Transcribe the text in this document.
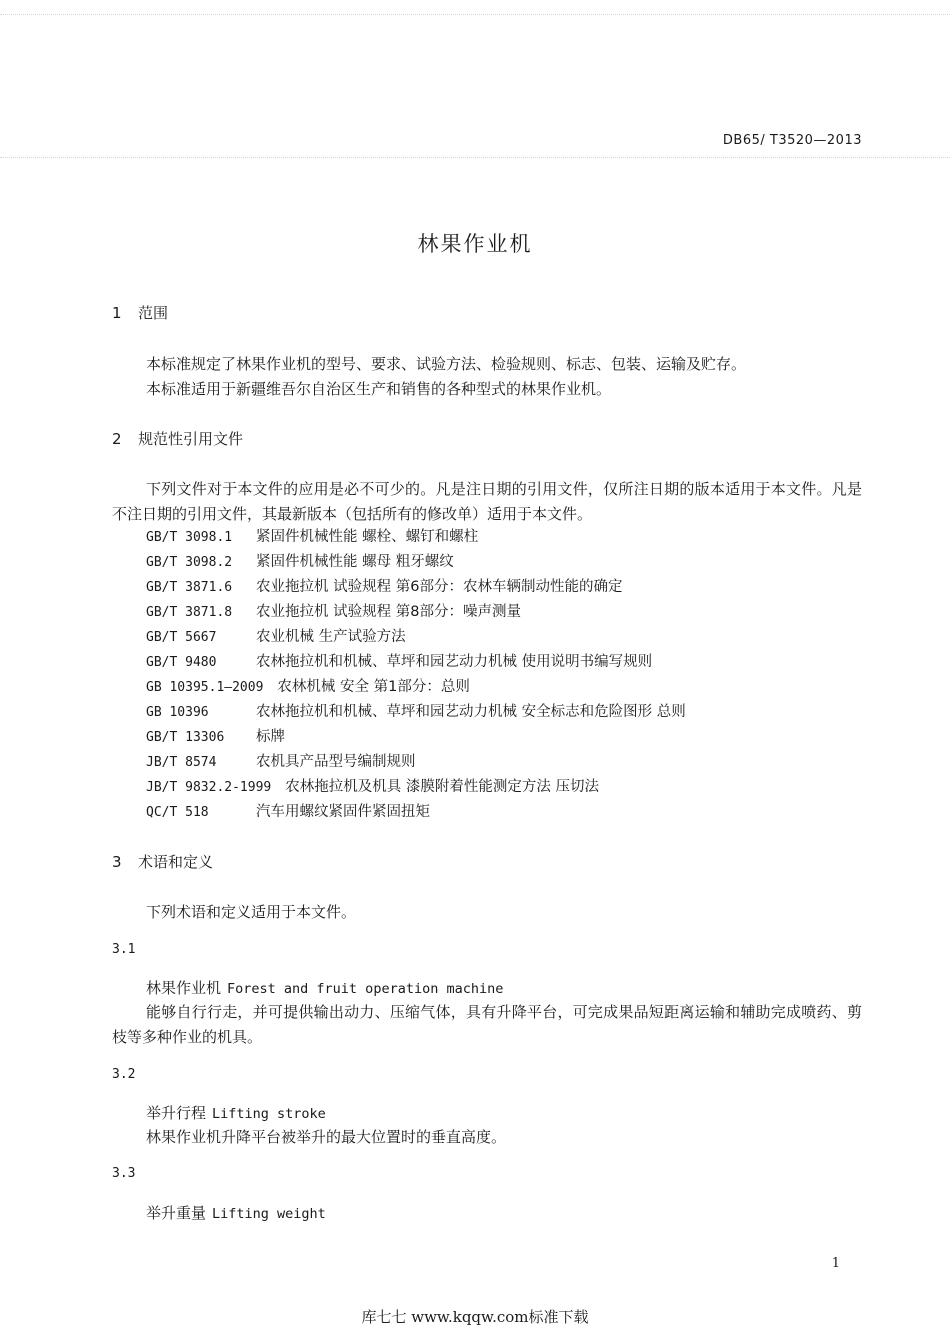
DB65/ T3520—2013
林果作业机
1 范围
本标准规定了林果作业机的型号、要求、试验方法、检验规则、标志、包装、运输及贮存。
本标准适用于新疆维吾尔自治区生产和销售的各种型式的林果作业机。
2 规范性引用文件
下列文件对于本文件的应用是必不可少的。凡是注日期的引用文件，仅所注日期的版本适用于本文件。凡是不注日期的引用文件，其最新版本（包括所有的修改单）适用于本文件。
GB/T 3098.1 紧固件机械性能 螺栓、螺钉和螺柱
GB/T 3098.2 紧固件机械性能 螺母 粗牙螺纹
GB/T 3871.6 农业拖拉机 试验规程 第6部分：农林车辆制动性能的确定
GB/T 3871.8 农业拖拉机 试验规程 第8部分：噪声测量
GB/T 5667	农业机械 生产试验方法
GB/T 9480	农林拖拉机和机械、草坪和园艺动力机械 使用说明书编写规则
GB 10395.1—2009 农林机械 安全 第1部分：总则
GB 10396	农林拖拉机和机械、草坪和园艺动力机械 安全标志和危险图形 总则
GB/T 13306 标牌
JB/T 8574	农机具产品型号编制规则
JB/T 9832.2-1999 农林拖拉机及机具 漆膜附着性能测定方法 压切法
QC/T 518	汽车用螺纹紧固件紧固扭矩
3 术语和定义
下列术语和定义适用于本文件。
3.1
林果作业机 Forest and fruit operation machine
能够自行行走，并可提供输出动力、压缩气体，具有升降平台，可完成果品短距离运输和辅助完成喷药、剪枝等多种作业的机具。
3.2
举升行程 Lifting stroke
林果作业机升降平台被举升的最大位置时的垂直高度。
3.3
举升重量 Lifting weight
1
库七七 www.kqqw.com标准下载
